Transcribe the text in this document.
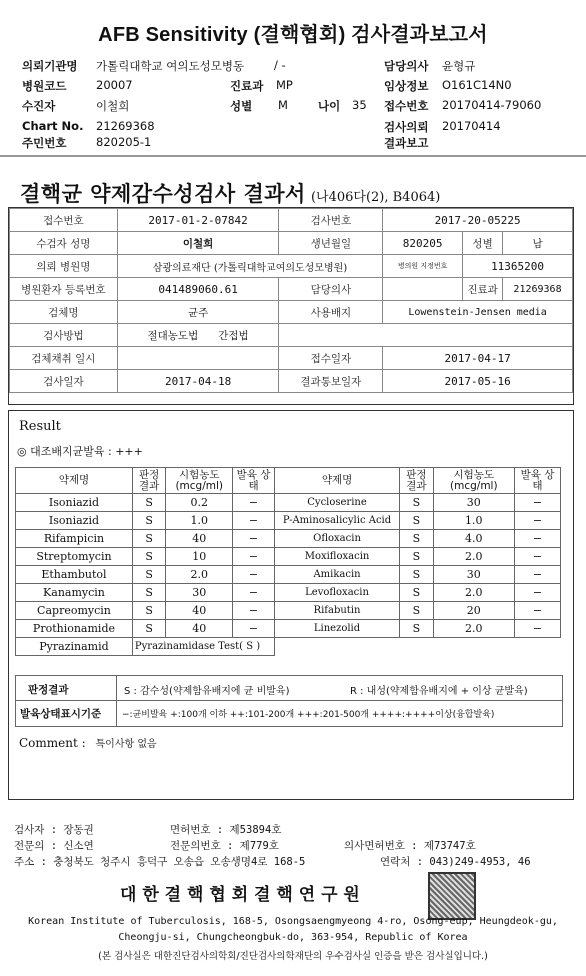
AFB Sensitivity (결핵협회) 검사결과보고서
의뢰기관명 가톨릭대학교 여의도성모병동	/ -	담당의사 윤형규
병원코드	20007	진료과 MP	임상정보 O161C14N0
수진자	이철희	성별 M	나이 35 접수번호 20170414-79060
Chart No. 21269368	검사의뢰 20170414
주민번호	820205-1	결과보고
결핵균 약제감수성검사 결과서 (나406다(2), B4064)
접수번호	2017-01-2-07842	검사번호	2017-20-05225		
수검자 성명	이철희	생년월일	820205	성별	남
의뢰 병원명	삼광의료재단 (가톨릭대학교여의도성모병원)		병의원 지정번호	11365200	
병원환자 등록번호	041489060.61	담당의사		진료과	21269368
검체명	균주	사용배지	Lowenstein-Jensen media		
검사방법	절대농도법 간접법				
검체채취 일시		접수일자	2017-04-17		
검사일자	2017-04-18	결과통보일자	2017-05-16		
Result
◎ 대조배지균발육 : +++
약제명	판정 결과	시험농도 (mcg/ml)	발육 상태	약제명	판정 결과	시험농도 (mcg/ml)	발육 상태
Isoniazid	S	0.2	−	Cycloserine	S	30	−
Isoniazid	S	1.0	−	P-Aminosalicylic Acid	S	1.0	−
Rifampicin	S	40	−	Ofloxacin	S	4.0	−
Streptomycin	S	10	−	Moxifloxacin	S	2.0	−
Ethambutol	S	2.0	−	Amikacin	S	30	−
Kanamycin	S	30	−	Levofloxacin	S	2.0	−
Capreomycin	S	40	−	Rifabutin	S	20	−
Prothionamide	S	40	−	Linezolid	S	2.0	−
Pyrazinamid	Pyrazinamidase Test( S )						
판정결과	S : 감수성(약제함유배지에 균 비발육)	R : 내성(약제함유배지에 + 이상 균발육)
발육상태표시기준 −:균비발육 +:100개 이하 ++:101-200개 +++:201-500개 ++++:++++이상(융합발육)
Comment : 특이사항 없음
검사자 : 장동권	면허번호 : 제53894호
전문의 : 신소연	전문의번호 : 제779호	의사면허번호 : 제73747호
주소 : 충청북도 청주시 흥덕구 오송읍 오송생명4로 168-5	연락처 : 043)249-4953, 46
대 한 결 핵 협 회 결 핵 연 구 원
Korean Institute of Tuberculosis, 168-5, Osongsaengmyeong 4-ro, Osong-eup, Heungdeok-gu,
Cheongju-si, Chungcheongbuk-do, 363-954, Republic of Korea
(본 검사실은 대한진단검사의학회/진단검사의학재단의 우수검사실 인증을 받은 검사실입니다.)
